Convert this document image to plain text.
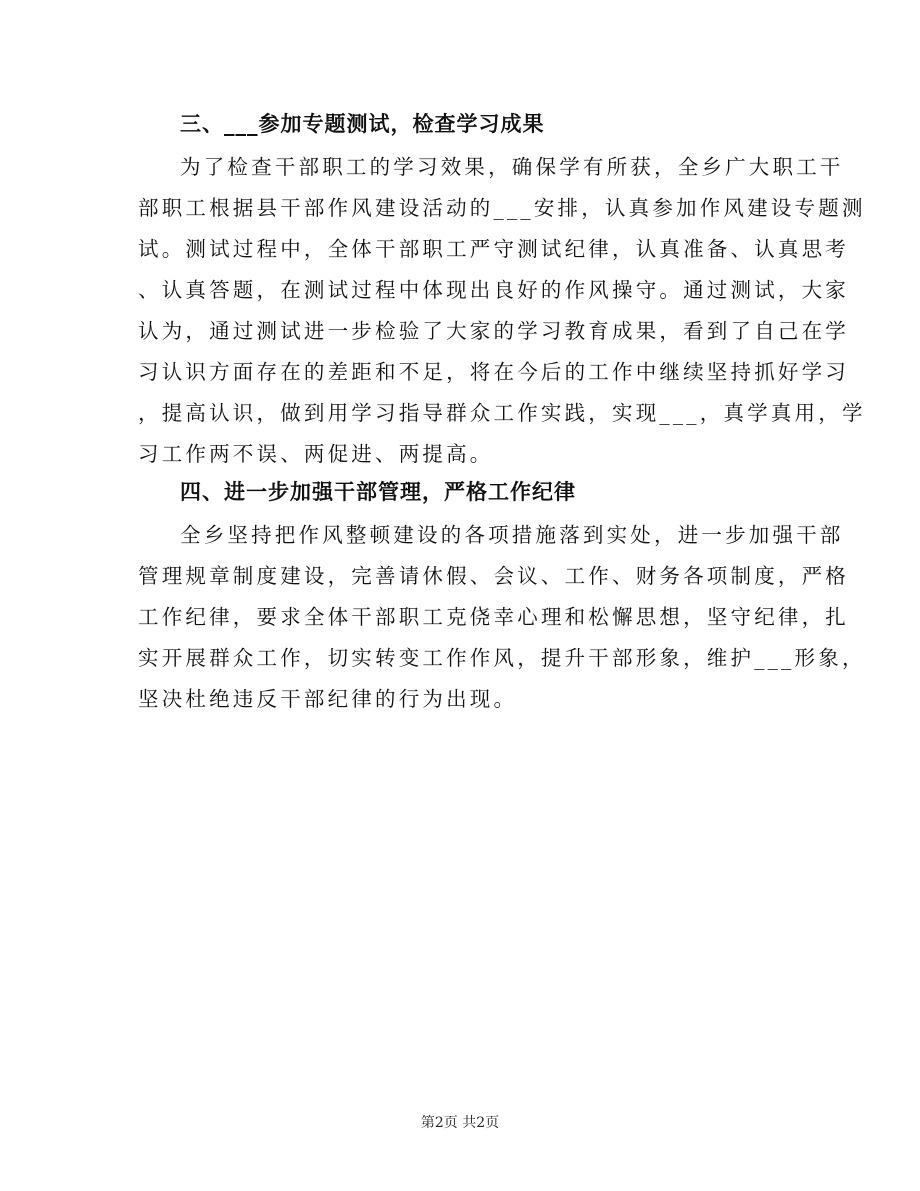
三、___参加专题测试，检查学习成果

为了检查干部职工的学习效果，确保学有所获，全乡广大职工干

部职工根据县干部作风建设活动的___安排，认真参加作风建设专题测

试。测试过程中，全体干部职工严守测试纪律，认真准备、认真思考

、认真答题，在测试过程中体现出良好的作风操守。通过测试，大家

认为，通过测试进一步检验了大家的学习教育成果，看到了自己在学

习认识方面存在的差距和不足，将在今后的工作中继续坚持抓好学习

，提高认识，做到用学习指导群众工作实践，实现___，真学真用，学

习工作两不误、两促进、两提高。

四、进一步加强干部管理，严格工作纪律

全乡坚持把作风整顿建设的各项措施落到实处，进一步加强干部

管理规章制度建设，完善请休假、会议、工作、财务各项制度，严格

工作纪律，要求全体干部职工克侥幸心理和松懈思想，坚守纪律，扎

实开展群众工作，切实转变工作作风，提升干部形象，维护___形象，

坚决杜绝违反干部纪律的行为出现。

第2页 共2页
